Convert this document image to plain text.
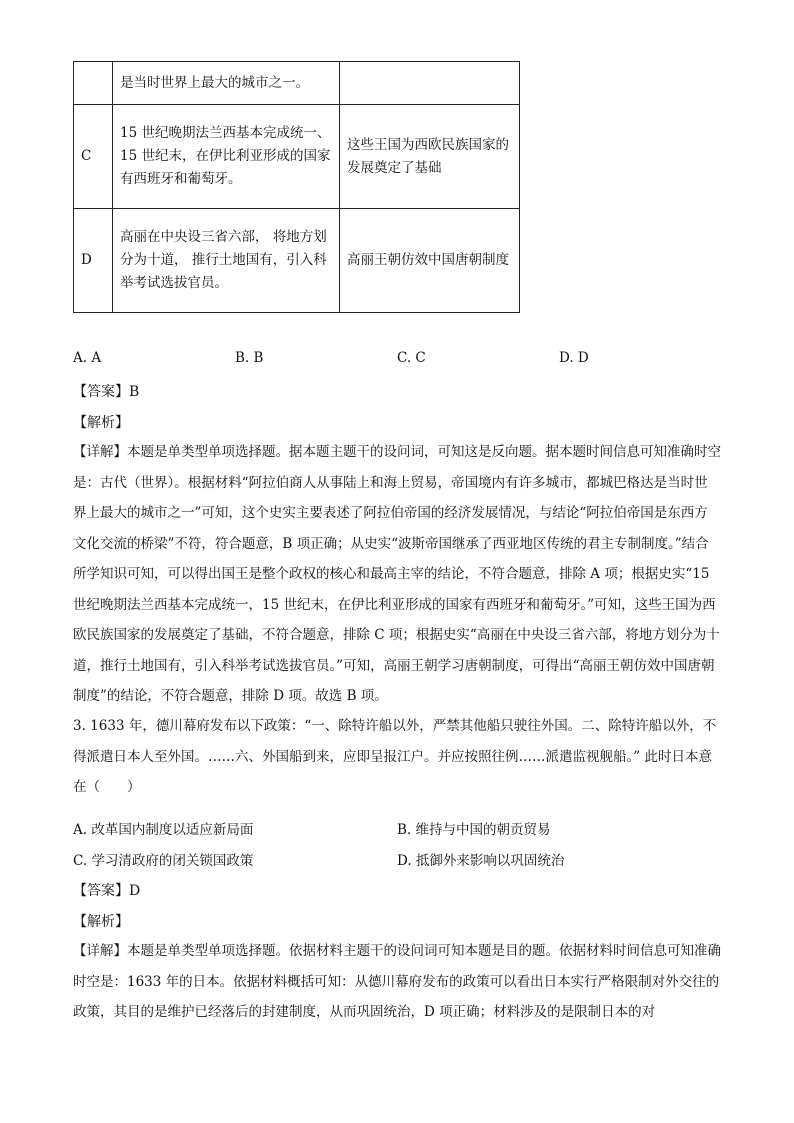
	是当时世界上最大的城市之一。	
C	15 世纪晚期法兰西基本完成统一、15 世纪末，在伊比利亚形成的国家有西班牙和葡萄牙。	这些王国为西欧民族国家的 发展奠定了基础
D	高丽在中央设三省六部， 将地方划分为十道， 推行土地国有，引入科举考试选拔官员。	高丽王朝仿效中国唐朝制度
A. A	B. B	C. C	D. D
【答案】B
【解析】
【详解】本题是单类型单项选择题。据本题主题干的设问词，可知这是反向题。据本题时间信息可知准确时空是：古代（世界）。根据材料“阿拉伯商人从事陆上和海上贸易，帝国境内有许多城市，都城巴格达是当时世界上最大的城市之一”可知，这个史实主要表述了阿拉伯帝国的经济发展情况，与结论“阿拉伯帝国是东西方文化交流的桥梁”不符，符合题意，B 项正确；从史实“波斯帝国继承了西亚地区传统的君主专制制度。”结合所学知识可知，可以得出国王是整个政权的核心和最高主宰的结论，不符合题意，排除 A 项；根据史实“15 世纪晚期法兰西基本完成统一，15 世纪末，在伊比利亚形成的国家有西班牙和葡萄牙。”可知，这些王国为西欧民族国家的发展奠定了基础，不符合题意，排除 C 项；根据史实“高丽在中央设三省六部，将地方划分为十道，推行土地国有，引入科举考试选拔官员。”可知，高丽王朝学习唐朝制度，可得出“高丽王朝仿效中国唐朝制度”的结论，不符合题意，排除 D 项。故选 B 项。
3. 1633 年，德川幕府发布以下政策：“一、除特许船以外，严禁其他船只驶往外国。二、除特许船以外，不得派遣日本人至外国。……六、外国船到来，应即呈报江户。并应按照往例……派遣监视舰船。” 此时日本意在（　　）
A. 改革国内制度以适应新局面	B. 维持与中国的朝贡贸易
C. 学习清政府的闭关锁国政策	D. 抵御外来影响以巩固统治
【答案】D
【解析】
【详解】本题是单类型单项选择题。依据材料主题干的设问词可知本题是目的题。依据材料时间信息可知准确时空是：1633 年的日本。依据材料概括可知：从德川幕府发布的政策可以看出日本实行严格限制对外交往的政策，其目的是维护已经落后的封建制度，从而巩固统治，D 项正确；材料涉及的是限制日本的对
